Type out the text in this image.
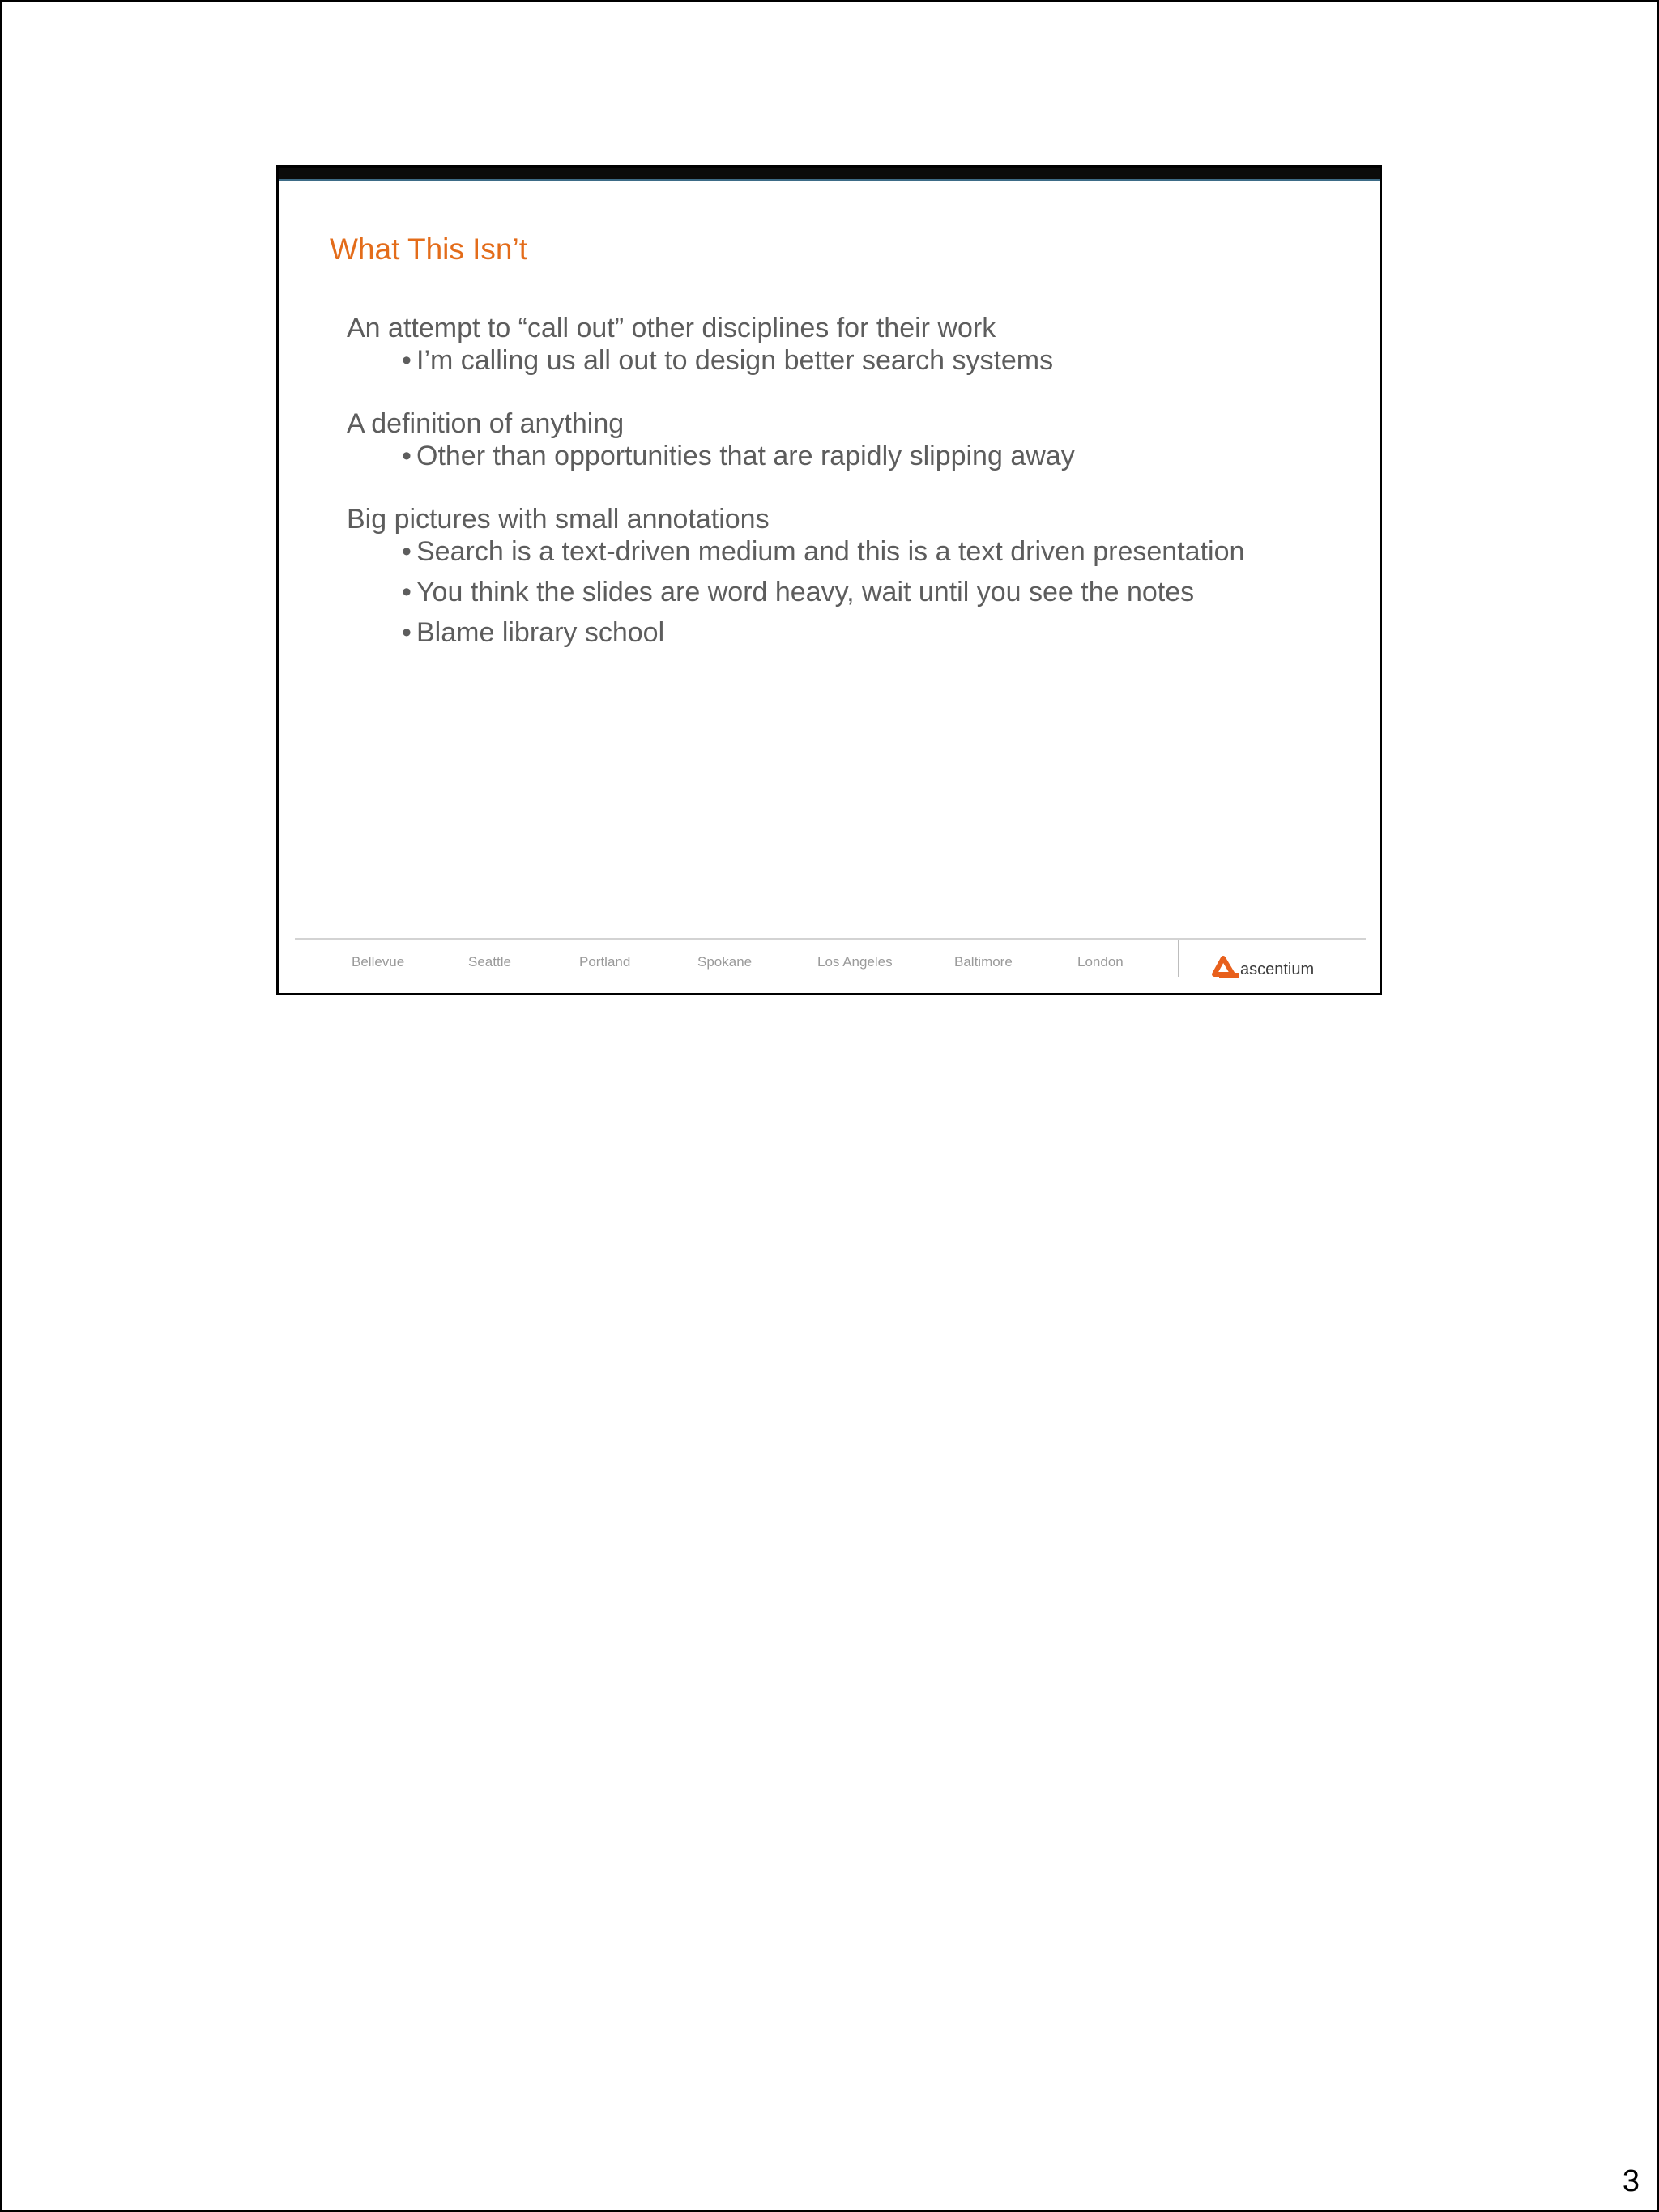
What This Isn’t
An attempt to “call out” other disciplines for their work
• I’m calling us all out to design better search systems
A definition of anything
• Other than opportunities that are rapidly slipping away
Big pictures with small annotations
• Search is a text-driven medium and this is a text driven presentation
• You think the slides are word heavy, wait until you see the notes
• Blame library school
Bellevue	Seattle	Portland	Spokane	Los Angeles	Baltimore	London	ascentium
3
